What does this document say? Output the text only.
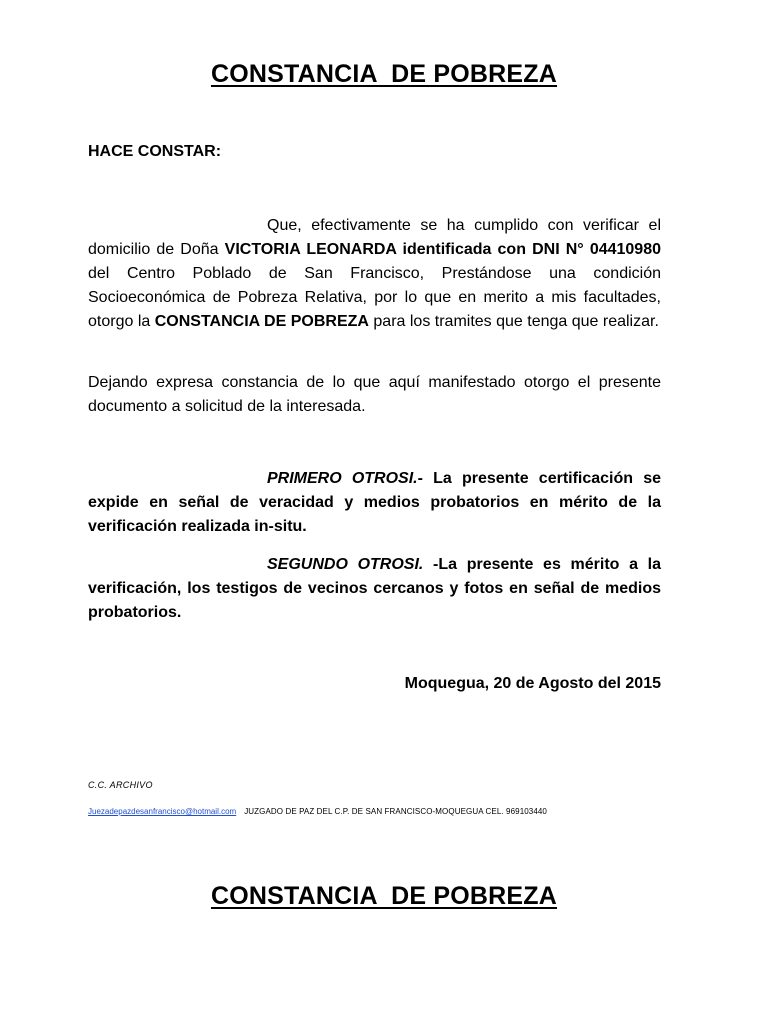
CONSTANCIA  DE POBREZA

HACE CONSTAR:

Que, efectivamente se ha cumplido con verificar el domicilio de Doña VICTORIA LEONARDA identificada con DNI N° 04410980 del Centro Poblado de San Francisco, Prestándose una condición Socioeconómica de Pobreza Relativa, por lo que en merito a mis facultades, otorgo la CONSTANCIA DE POBREZA para los tramites que tenga que realizar.

Dejando expresa constancia de lo que aquí manifestado otorgo el presente documento a solicitud de la interesada.

PRIMERO OTROSI.- La presente certificación se expide en señal de veracidad y medios probatorios en mérito de la verificación realizada in-situ.

SEGUNDO OTROSI. -La presente es mérito a la verificación, los testigos de vecinos cercanos y fotos en señal de medios probatorios.

Moquegua, 20 de Agosto del 2015

C.C. ARCHIVO

Juezadepazdesanfrancisco@hotmail.com JUZGADO DE PAZ DEL C.P. DE SAN FRANCISCO-MOQUEGUA CEL. 969103440

CONSTANCIA  DE POBREZA
